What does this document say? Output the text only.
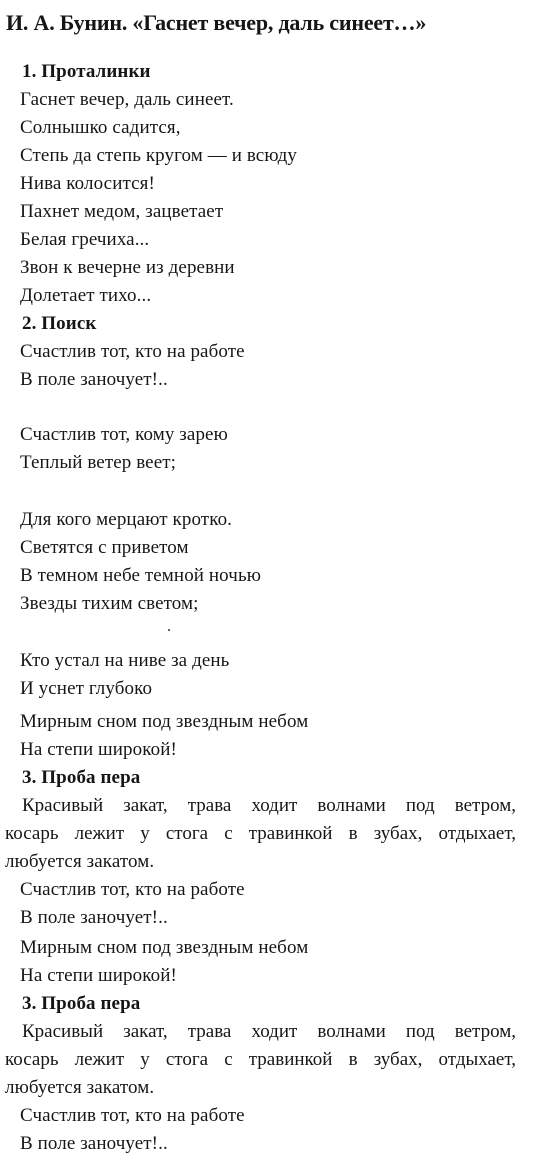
И. А. Бунин. «Гаснет вечер, даль синеет…»
1. Проталинки
Гаснет вечер, даль синеет.
Солнышко садится,
Степь да степь кругом — и всюду
Нива колосится!
Пахнет медом, зацветает
Белая гречиха...
Звон к вечерне из деревни
Долетает тихо...
2. Поиск
Счастлив тот, кто на работе
В поле заночует!..
Счастлив тот, кому зарею
Теплый ветер веет;
Для кого мерцают кротко.
Светятся с приветом
В темном небе темной ночью
Звезды тихим светом;
Кто устал на ниве за день
И уснет глубоко
Мирным сном под звездным небом
На степи широкой!
3. Проба пера
Красивый закат, трава ходит волнами под ветром,
косарь лежит у стога с травинкой в зубах, отдыхает,
любуется закатом.
Счастлив тот, кто на работе
В поле заночует!..
Мирным сном под звездным небом
На степи широкой!
3. Проба пера
Красивый закат, трава ходит волнами под ветром,
косарь лежит у стога с травинкой в зубах, отдыхает,
любуется закатом.
Счастлив тот, кто на работе
В поле заночует!..
